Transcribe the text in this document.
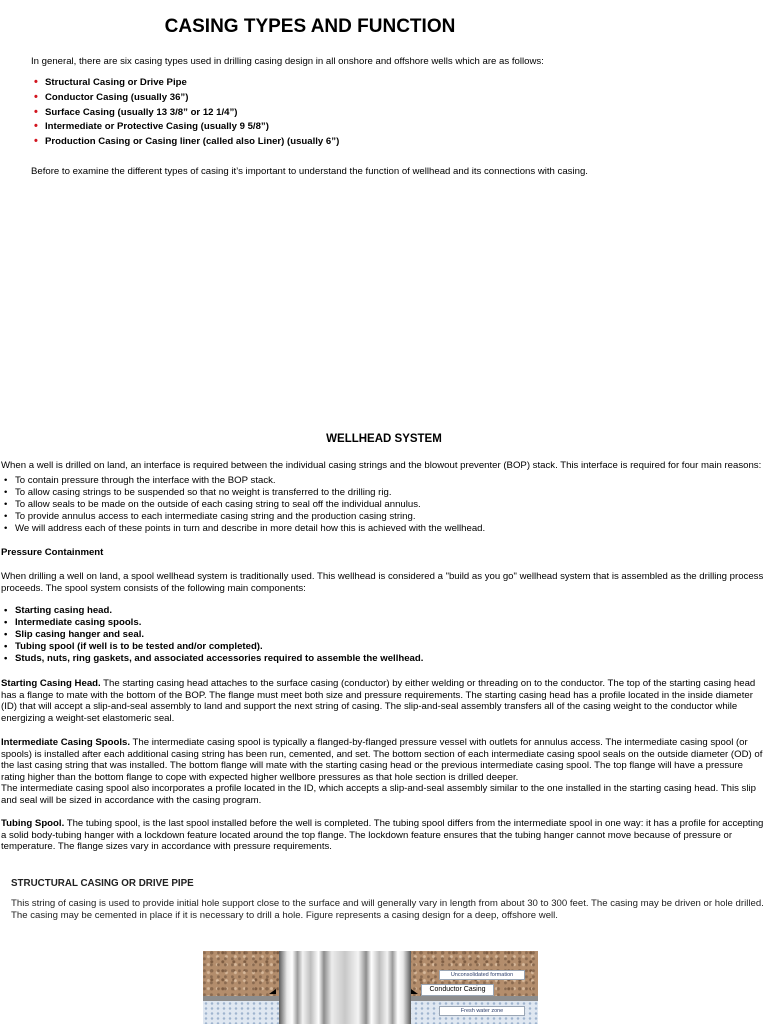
CASING TYPES AND FUNCTION
In general, there are six casing types used in drilling casing design in all onshore and offshore wells which are as follows:
• Structural Casing or Drive Pipe
• Conductor Casing (usually 36”)
• Surface Casing (usually 13 3/8” or 12 1/4”)
• Intermediate or Protective Casing (usually 9 5/8”)
• Production Casing or Casing liner (called also Liner) (usually 6”)
Before to examine the different types of casing it’s important to understand the function of wellhead and its connections with casing.
WELLHEAD SYSTEM
When a well is drilled on land, an interface is required between the individual casing strings and the blowout preventer (BOP) stack. This interface is required for four main reasons:
• To contain pressure through the interface with the BOP stack.
• To allow casing strings to be suspended so that no weight is transferred to the drilling rig.
• To allow seals to be made on the outside of each casing string to seal off the individual annulus.
• To provide annulus access to each intermediate casing string and the production casing string.
• We will address each of these points in turn and describe in more detail how this is achieved with the wellhead.
Pressure Containment
When drilling a well on land, a spool wellhead system is traditionally used. This wellhead is considered a "build as you go" wellhead system that is assembled as the drilling process proceeds. The spool system consists of the following main components:
• Starting casing head.
• Intermediate casing spools.
• Slip casing hanger and seal.
• Tubing spool (if well is to be tested and/or completed).
• Studs, nuts, ring gaskets, and associated accessories required to assemble the wellhead.
Starting Casing Head. The starting casing head attaches to the surface casing (conductor) by either welding or threading on to the conductor. The top of the starting casing head has a flange to mate with the bottom of the BOP. The flange must meet both size and pressure requirements. The starting casing head has a profile located in the inside diameter (ID) that will accept a slip-and-seal assembly to land and support the next string of casing. The slip-and-seal assembly transfers all of the casing weight to the conductor while energizing a weight-set elastomeric seal.
Intermediate Casing Spools. The intermediate casing spool is typically a flanged-by-flanged pressure vessel with outlets for annulus access. The intermediate casing spool (or spools) is installed after each additional casing string has been run, cemented, and set. The bottom section of each intermediate casing spool seals on the outside diameter (OD) of the last casing string that was installed. The bottom flange will mate with the starting casing head or the previous intermediate casing spool. The top flange will have a pressure rating higher than the bottom flange to cope with expected higher wellbore pressures as that hole section is drilled deeper.
The intermediate casing spool also incorporates a profile located in the ID, which accepts a slip-and-seal assembly similar to the one installed in the starting casing head. This slip and seal will be sized in accordance with the casing program.
Tubing Spool. The tubing spool, is the last spool installed before the well is completed. The tubing spool differs from the intermediate spool in one way: it has a profile for accepting a solid body-tubing hanger with a lockdown feature located around the top flange. The lockdown feature ensures that the tubing hanger cannot move because of pressure or temperature. The flange sizes vary in accordance with pressure requirements.
STRUCTURAL CASING OR DRIVE PIPE
This string of casing is used to provide initial hole support close to the surface and will generally vary in length from about 30 to 300 feet. The casing may be driven or hole drilled. The casing may be cemented in place if it is necessary to drill a hole. Figure represents a casing design for a deep, offshore well.
Unconsolidated formation
Conductor Casing
Fresh water zone
